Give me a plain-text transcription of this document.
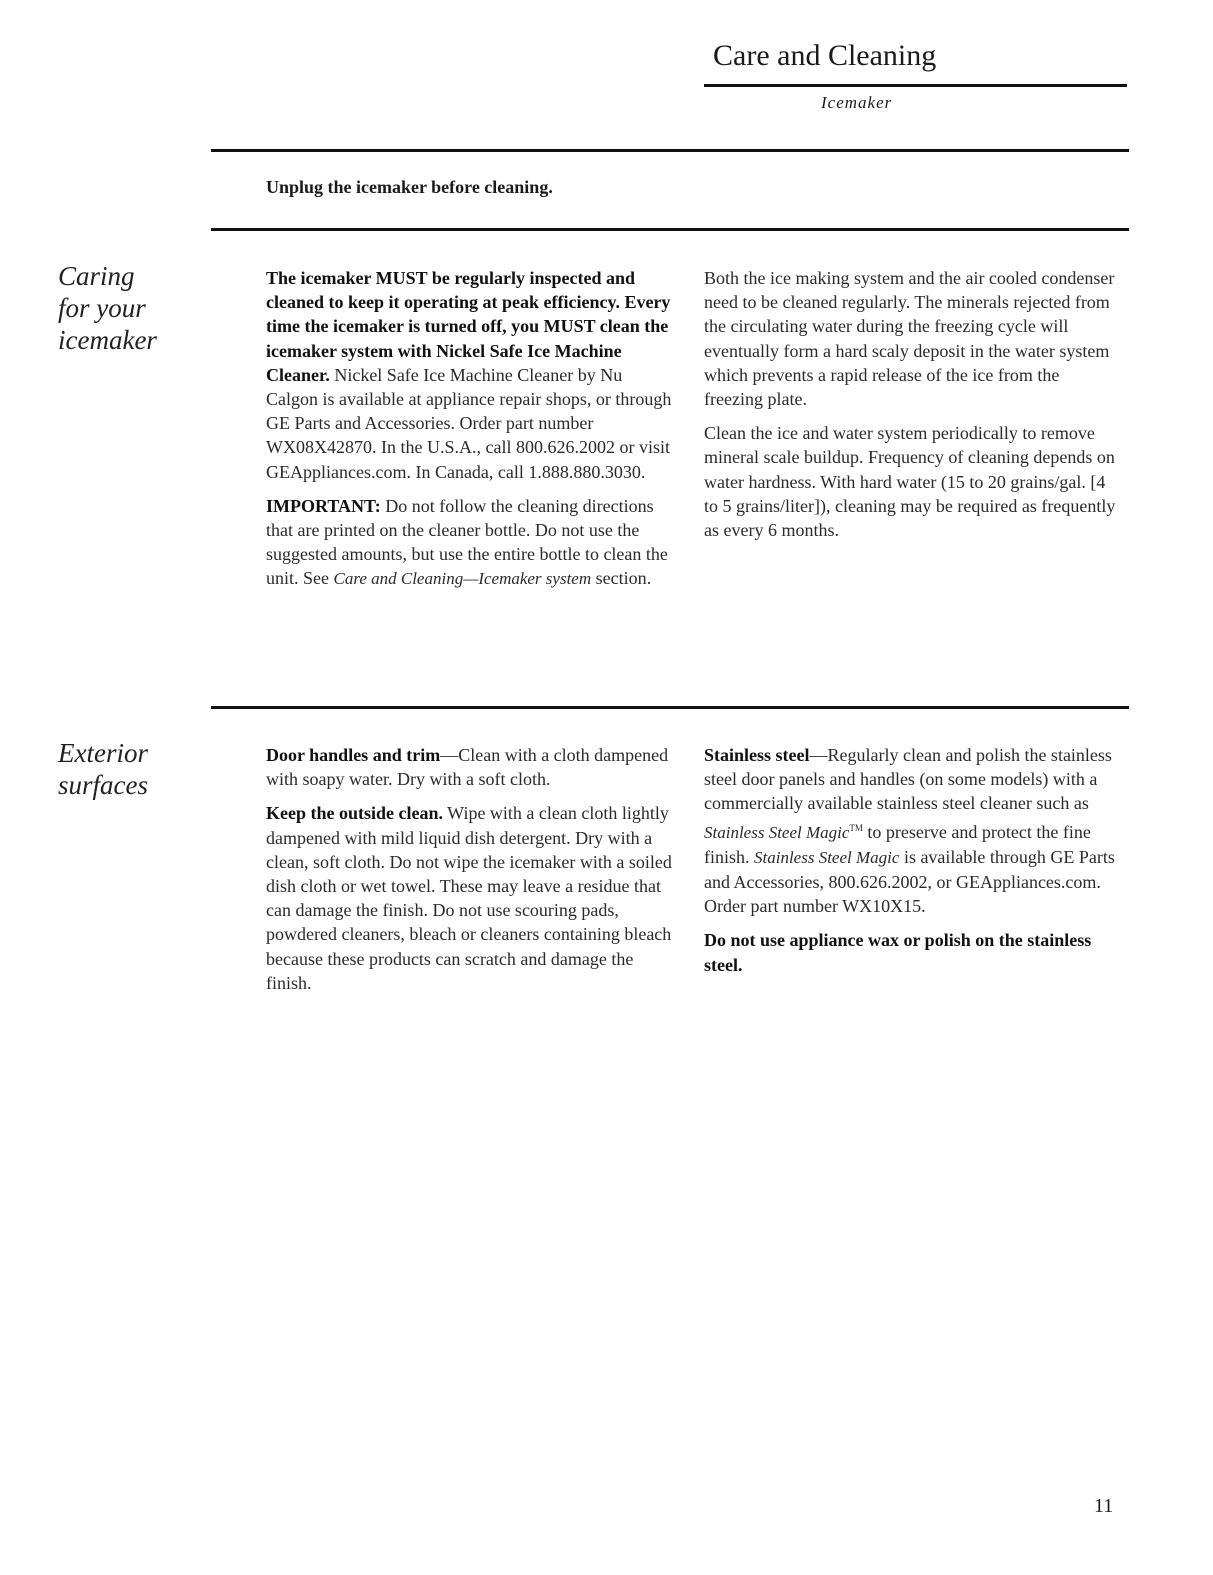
Care and Cleaning
Icemaker
Unplug the icemaker before cleaning.
Caring
for your
icemaker

The icemaker MUST be regularly inspected and cleaned to keep it operating at peak efficiency. Every time the icemaker is turned off, you MUST clean the icemaker system with Nickel Safe Ice Machine Cleaner. Nickel Safe Ice Machine Cleaner by Nu Calgon is available at appliance repair shops, or through GE Parts and Accessories. Order part number WX08X42870. In the U.S.A., call 800.626.2002 or visit GEAppliances.com. In Canada, call 1.888.880.3030.

IMPORTANT: Do not follow the cleaning directions that are printed on the cleaner bottle. Do not use the suggested amounts, but use the entire bottle to clean the unit. See Care and Cleaning—Icemaker system section.

Both the ice making system and the air cooled condenser need to be cleaned regularly. The minerals rejected from the circulating water during the freezing cycle will eventually form a hard scaly deposit in the water system which prevents a rapid release of the ice from the freezing plate.

Clean the ice and water system periodically to remove mineral scale buildup. Frequency of cleaning depends on water hardness. With hard water (15 to 20 grains/gal. [4 to 5 grains/liter]), cleaning may be required as frequently as every 6 months.

Exterior
surfaces

Door handles and trim—Clean with a cloth dampened with soapy water. Dry with a soft cloth.

Keep the outside clean. Wipe with a clean cloth lightly dampened with mild liquid dish detergent. Dry with a clean, soft cloth. Do not wipe the icemaker with a soiled dish cloth or wet towel. These may leave a residue that can damage the finish. Do not use scouring pads, powdered cleaners, bleach or cleaners containing bleach because these products can scratch and damage the finish.

Stainless steel—Regularly clean and polish the stainless steel door panels and handles (on some models) with a commercially available stainless steel cleaner such as Stainless Steel Magic™ to preserve and protect the fine finish. Stainless Steel Magic is available through GE Parts and Accessories, 800.626.2002, or GEAppliances.com. Order part number WX10X15.

Do not use appliance wax or polish on the stainless steel.

11
